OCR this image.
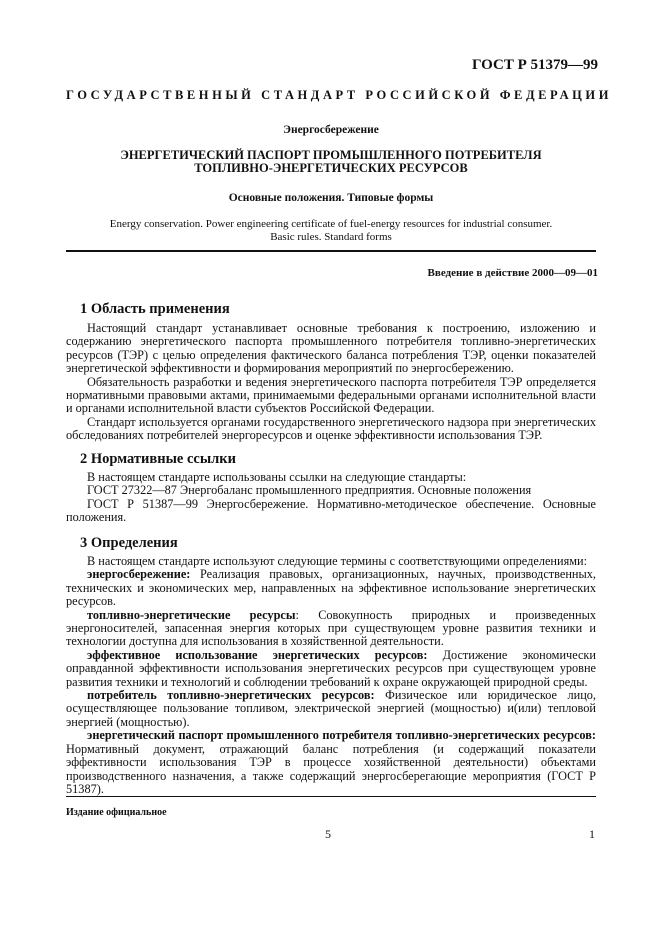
ГОСТ Р 51379—99
ГОСУДАРСТВЕННЫЙ СТАНДАРТ РОССИЙСКОЙ ФЕДЕРАЦИИ
Энергосбережение
ЭНЕРГЕТИЧЕСКИЙ ПАСПОРТ ПРОМЫШЛЕННОГО ПОТРЕБИТЕЛЯ
ТОПЛИВНО-ЭНЕРГЕТИЧЕСКИХ РЕСУРСОВ
Основные положения. Типовые формы
Energy conservation. Power engineering certificate of fuel-energy resources for industrial consumer.
Basic rules. Standard forms
Введение в действие 2000—09—01
1 Область применения

Настоящий стандарт устанавливает основные требования к построению, изложению и содержанию энергетического паспорта промышленного потребителя топливно-энергетических ресурсов (ТЭР) с целью определения фактического баланса потребления ТЭР, оценки показателей энергетической эффективности и формирования мероприятий по энергосбережению.

Обязательность разработки и ведения энергетического паспорта потребителя ТЭР определяется нормативными правовыми актами, принимаемыми федеральными органами исполнительной власти и органами исполнительной власти субъектов Российской Федерации.

Стандарт используется органами государственного энергетического надзора при энергетических обследованиях потребителей энергоресурсов и оценке эффективности использования ТЭР.

2 Нормативные ссылки

В настоящем стандарте использованы ссылки на следующие стандарты:

ГОСТ 27322—87 Энергобаланс промышленного предприятия. Основные положения

ГОСТ Р 51387—99 Энергосбережение. Нормативно-методическое обеспечение. Основные положения.

3 Определения

В настоящем стандарте используют следующие термины с соответствующими определениями:

энергосбережение: Реализация правовых, организационных, научных, производственных, технических и экономических мер, направленных на эффективное использование энергетических ресурсов.

топливно-энергетические ресурсы: Совокупность природных и произведенных энергоносителей, запасенная энергия которых при существующем уровне развития техники и технологии доступна для использования в хозяйственной деятельности.

эффективное использование энергетических ресурсов: Достижение экономически оправданной эффективности использования энергетических ресурсов при существующем уровне развития техники и технологий и соблюдении требований к охране окружающей природной среды.

потребитель топливно-энергетических ресурсов: Физическое или юридическое лицо, осуществляющее пользование топливом, электрической энергией (мощностью) и(или) тепловой энергией (мощностью).

энергетический паспорт промышленного потребителя топливно-энергетических ресурсов: Нормативный документ, отражающий баланс потребления (и содержащий показатели эффективности использования ТЭР в процессе хозяйственной деятельности) объектами производственного назначения, а также содержащий энергосберегающие мероприятия (ГОСТ Р 51387).

Издание официальное
5	1
